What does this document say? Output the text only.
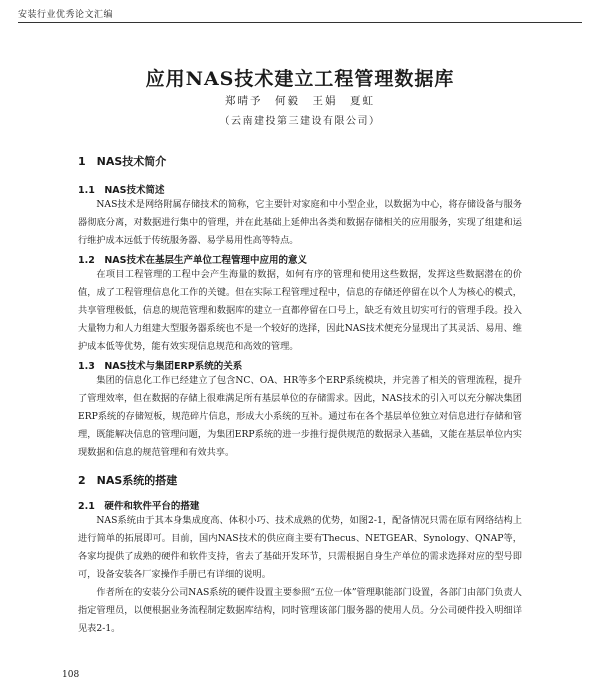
安装行业优秀论文汇编
应用NAS技术建立工程管理数据库
郑晴予　何毅　王娟　夏虹
（云南建投第三建设有限公司）
1　NAS技术简介
1.1　NAS技术简述

NAS技术是网络附属存储技术的简称，它主要针对家庭和中小型企业，以数据为中心，将存储设备与服务器彻底分离，对数据进行集中的管理，并在此基础上延伸出各类和数据存储相关的应用服务，实现了组建和运行维护成本远低于传统服务器、易学易用性高等特点。

1.2　NAS技术在基层生产单位工程管理中应用的意义

在项目工程管理的工程中会产生海量的数据，如何有序的管理和使用这些数据，发挥这些数据潜在的价值，成了工程管理信息化工作的关键。但在实际工程管理过程中，信息的存储还停留在以个人为核心的模式，共享管理极低，信息的规范管理和数据库的建立一直都停留在口号上，缺乏有效且切实可行的管理手段。投入大量物力和人力组建大型服务器系统也不是一个较好的选择，因此NAS技术便充分显现出了其灵活、易用、维护成本低等优势，能有效实现信息规范和高效的管理。

1.3　NAS技术与集团ERP系统的关系

集团的信息化工作已经建立了包含NC、OA、HR等多个ERP系统模块，并完善了相关的管理流程，提升了管理效率，但在数据的存储上很难满足所有基层单位的存储需求。因此，NAS技术的引入可以充分解决集团ERP系统的存储短板，规范碎片信息，形成大小系统的互补。通过布在各个基层单位独立对信息进行存储和管理，既能解决信息的管理问题，为集团ERP系统的进一步推行提供规范的数据录入基础，又能在基层单位内实现数据和信息的规范管理和有效共享。

2　NAS系统的搭建
2.1　硬件和软件平台的搭建

NAS系统由于其本身集成度高、体积小巧、技术成熟的优势，如图2-1，配备情况只需在原有网络结构上进行简单的拓展即可。目前，国内NAS技术的供应商主要有Thecus、NETGEAR、Synology、QNAP等，各家均提供了成熟的硬件和软件支持，省去了基础开发环节，只需根据自身生产单位的需求选择对应的型号即可，设备安装各厂家操作手册已有详细的说明。

作者所在的安装分公司NAS系统的硬件设置主要参照“五位一体”管理职能部门设置，各部门由部门负责人指定管理员，以便根据业务流程制定数据库结构，同时管理该部门服务器的使用人员。分公司硬件投入明细详见表2-1。

108
